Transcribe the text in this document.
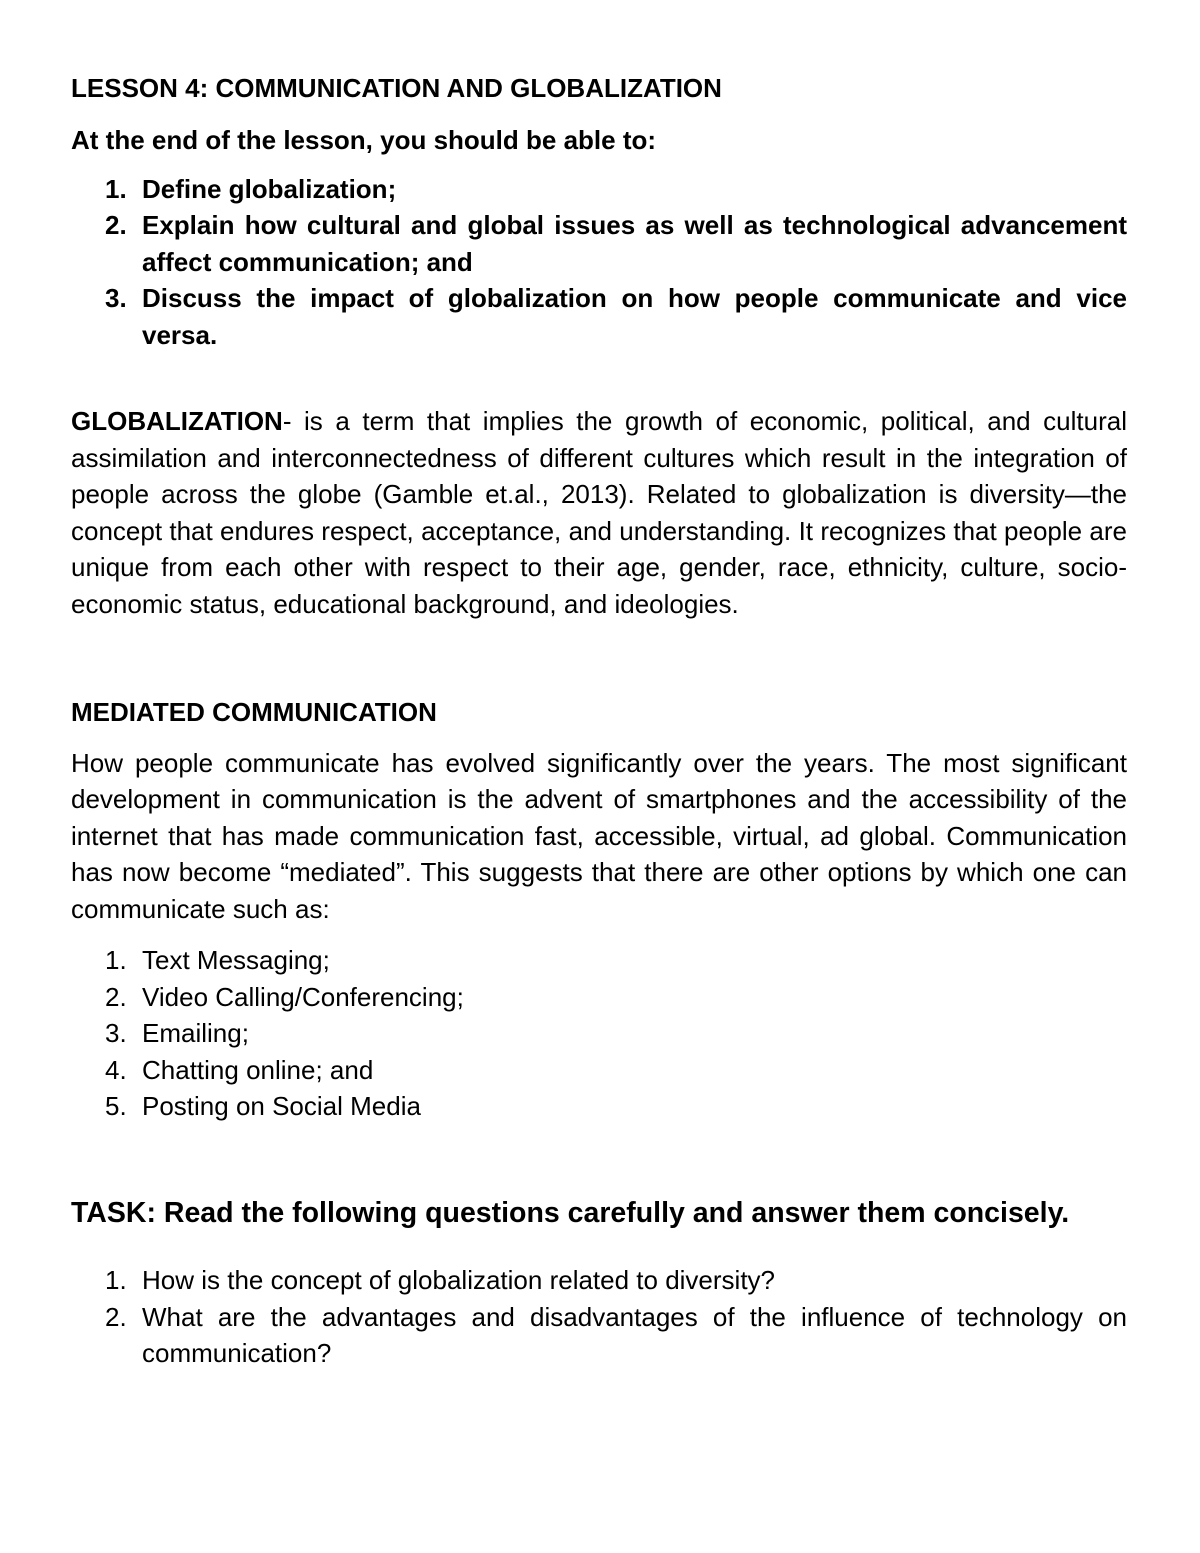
LESSON 4: COMMUNICATION AND GLOBALIZATION

At the end of the lesson, you should be able to:

1. Define globalization;
2. Explain how cultural and global issues as well as technological advancement affect communication; and
3. Discuss the impact of globalization on how people communicate and vice versa.

GLOBALIZATION- is a term that implies the growth of economic, political, and cultural assimilation and interconnectedness of different cultures which result in the integration of people across the globe (Gamble et.al., 2013). Related to globalization is diversity—the concept that endures respect, acceptance, and understanding. It recognizes that people are unique from each other with respect to their age, gender, race, ethnicity, culture, socio-economic status, educational background, and ideologies.

MEDIATED COMMUNICATION

How people communicate has evolved significantly over the years. The most significant development in communication is the advent of smartphones and the accessibility of the internet that has made communication fast, accessible, virtual, ad global. Communication has now become “mediated”. This suggests that there are other options by which one can communicate such as:

1. Text Messaging;
2. Video Calling/Conferencing;
3. Emailing;
4. Chatting online; and
5. Posting on Social Media

TASK: Read the following questions carefully and answer them concisely.

1. How is the concept of globalization related to diversity?
2. What are the advantages and disadvantages of the influence of technology on communication?
